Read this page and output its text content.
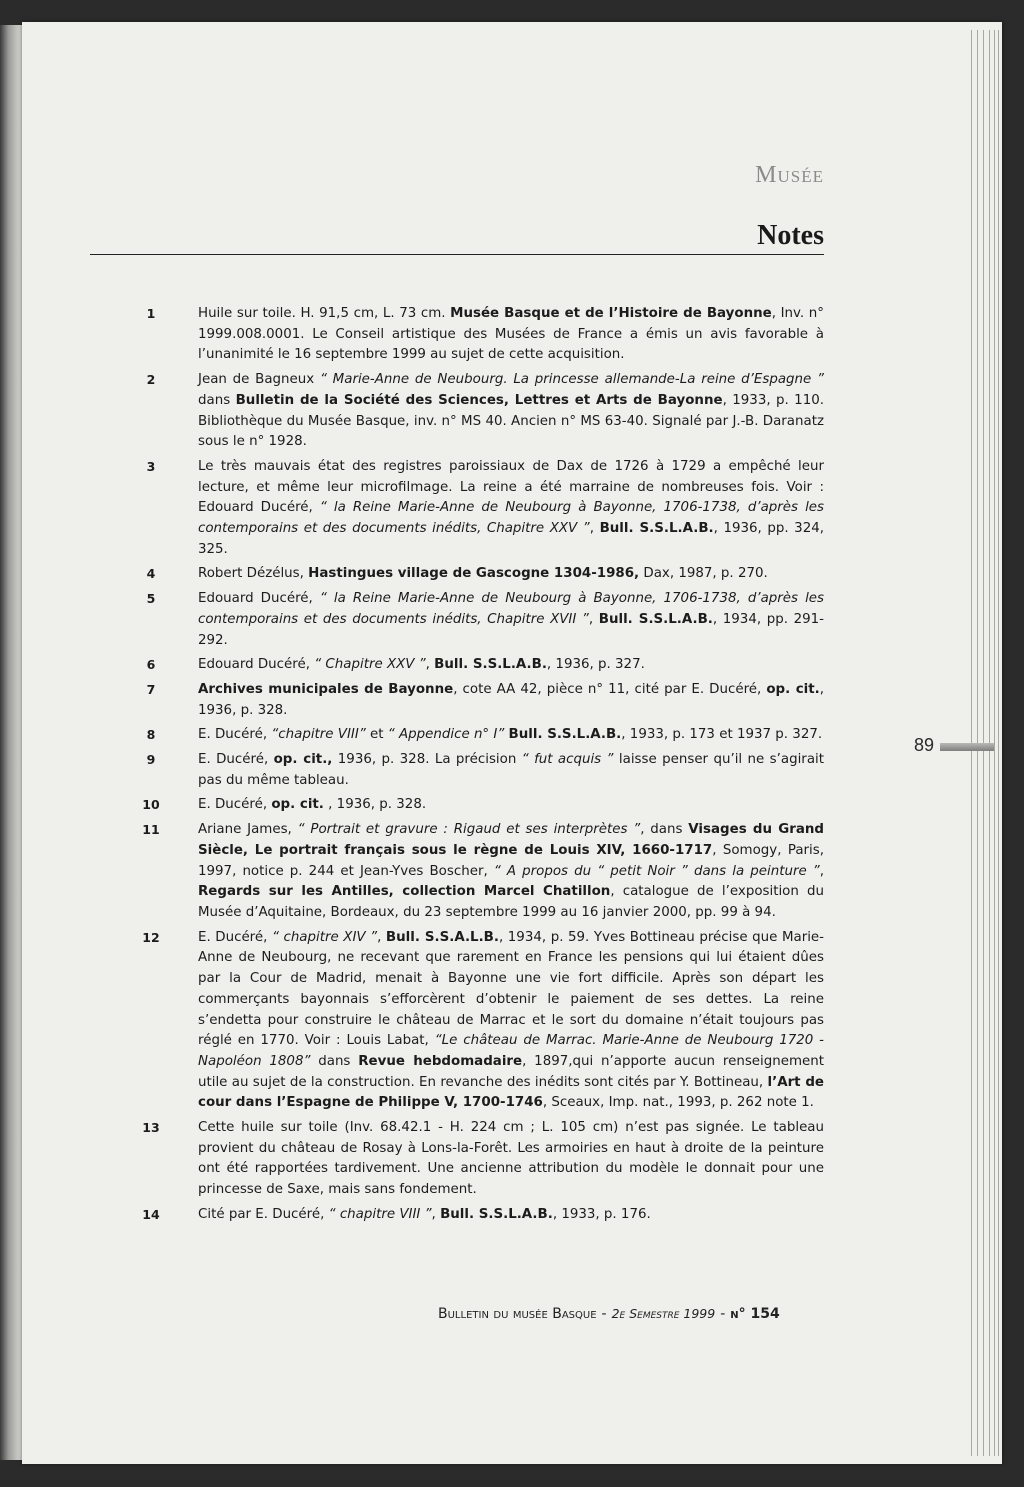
Musée
Notes
1	Huile sur toile. H. 91,5 cm, L. 73 cm. Musée Basque et de l’Histoire de Bayonne, Inv. n° 1999.008.0001. Le Conseil artistique des Musées de France a émis un avis favorable à l’unanimité le 16 septembre 1999 au sujet de cette acquisition.
2	Jean de Bagneux “ Marie-Anne de Neubourg. La princesse allemande-La reine d’Espagne ” dans Bulletin de la Société des Sciences, Lettres et Arts de Bayonne, 1933, p. 110. Bibliothèque du Musée Basque, inv. n° MS 40. Ancien n° MS 63-40. Signalé par J.-B. Daranatz sous le n° 1928.
3	Le très mauvais état des registres paroissiaux de Dax de 1726 à 1729 a empêché leur lecture, et même leur microfilmage. La reine a été marraine de nombreuses fois. Voir : Edouard Ducéré, “ la Reine Marie-Anne de Neubourg à Bayonne, 1706-1738, d’après les contemporains et des documents inédits, Chapitre XXV ”, Bull. S.S.L.A.B., 1936, pp. 324, 325.
4	Robert Dézélus, Hastingues village de Gascogne 1304-1986, Dax, 1987, p. 270.
5	Edouard Ducéré, “ la Reine Marie-Anne de Neubourg à Bayonne, 1706-1738, d’après les contemporains et des documents inédits, Chapitre XVII ”, Bull. S.S.L.A.B., 1934, pp. 291-292.
6	Edouard Ducéré, “ Chapitre XXV ”, Bull. S.S.L.A.B., 1936, p. 327.
7	Archives municipales de Bayonne, cote AA 42, pièce n° 11, cité par E. Ducéré, op. cit., 1936, p. 328.
8	E. Ducéré, “chapitre VIII” et “ Appendice n° I” Bull. S.S.L.A.B., 1933, p. 173 et 1937 p. 327.
9	E. Ducéré, op. cit., 1936, p. 328. La précision “ fut acquis ” laisse penser qu’il ne s’agirait pas du même tableau.
10	E. Ducéré, op. cit. , 1936, p. 328.
11	Ariane James, “ Portrait et gravure : Rigaud et ses interprètes ”, dans Visages du Grand Siècle, Le portrait français sous le règne de Louis XIV, 1660-1717, Somogy, Paris, 1997, notice p. 244 et Jean-Yves Boscher, “ A propos du “ petit Noir ” dans la peinture ”, Regards sur les Antilles, collection Marcel Chatillon, catalogue de l’exposition du Musée d’Aquitaine, Bordeaux, du 23 septembre 1999 au 16 janvier 2000, pp. 99 à 94.
12	E. Ducéré, “ chapitre XIV ”, Bull. S.S.A.L.B., 1934, p. 59. Yves Bottineau précise que Marie-Anne de Neubourg, ne recevant que rarement en France les pensions qui lui étaient dûes par la Cour de Madrid, menait à Bayonne une vie fort difficile. Après son départ les commerçants bayonnais s’efforcèrent d’obtenir le paiement de ses dettes. La reine s’endetta pour construire le château de Marrac et le sort du domaine n’était toujours pas réglé en 1770. Voir : Louis Labat, “Le château de Marrac. Marie-Anne de Neubourg 1720 - Napoléon 1808” dans Revue hebdomadaire, 1897,qui n’apporte aucun renseignement utile au sujet de la construction. En revanche des inédits sont cités par Y. Bottineau, l’Art de cour dans l’Espagne de Philippe V, 1700-1746, Sceaux, Imp. nat., 1993, p. 262 note 1.
13	Cette huile sur toile (Inv. 68.42.1 - H. 224 cm ; L. 105 cm) n’est pas signée. Le tableau provient du château de Rosay à Lons-la-Forêt. Les armoiries en haut à droite de la peinture ont été rapportées tardivement. Une ancienne attribution du modèle le donnait pour une princesse de Saxe, mais sans fondement.
14	Cité par E. Ducéré, “ chapitre VIII ”, Bull. S.S.L.A.B., 1933, p. 176.
89
Bulletin du musée Basque - 2e Semestre 1999 - n° 154
